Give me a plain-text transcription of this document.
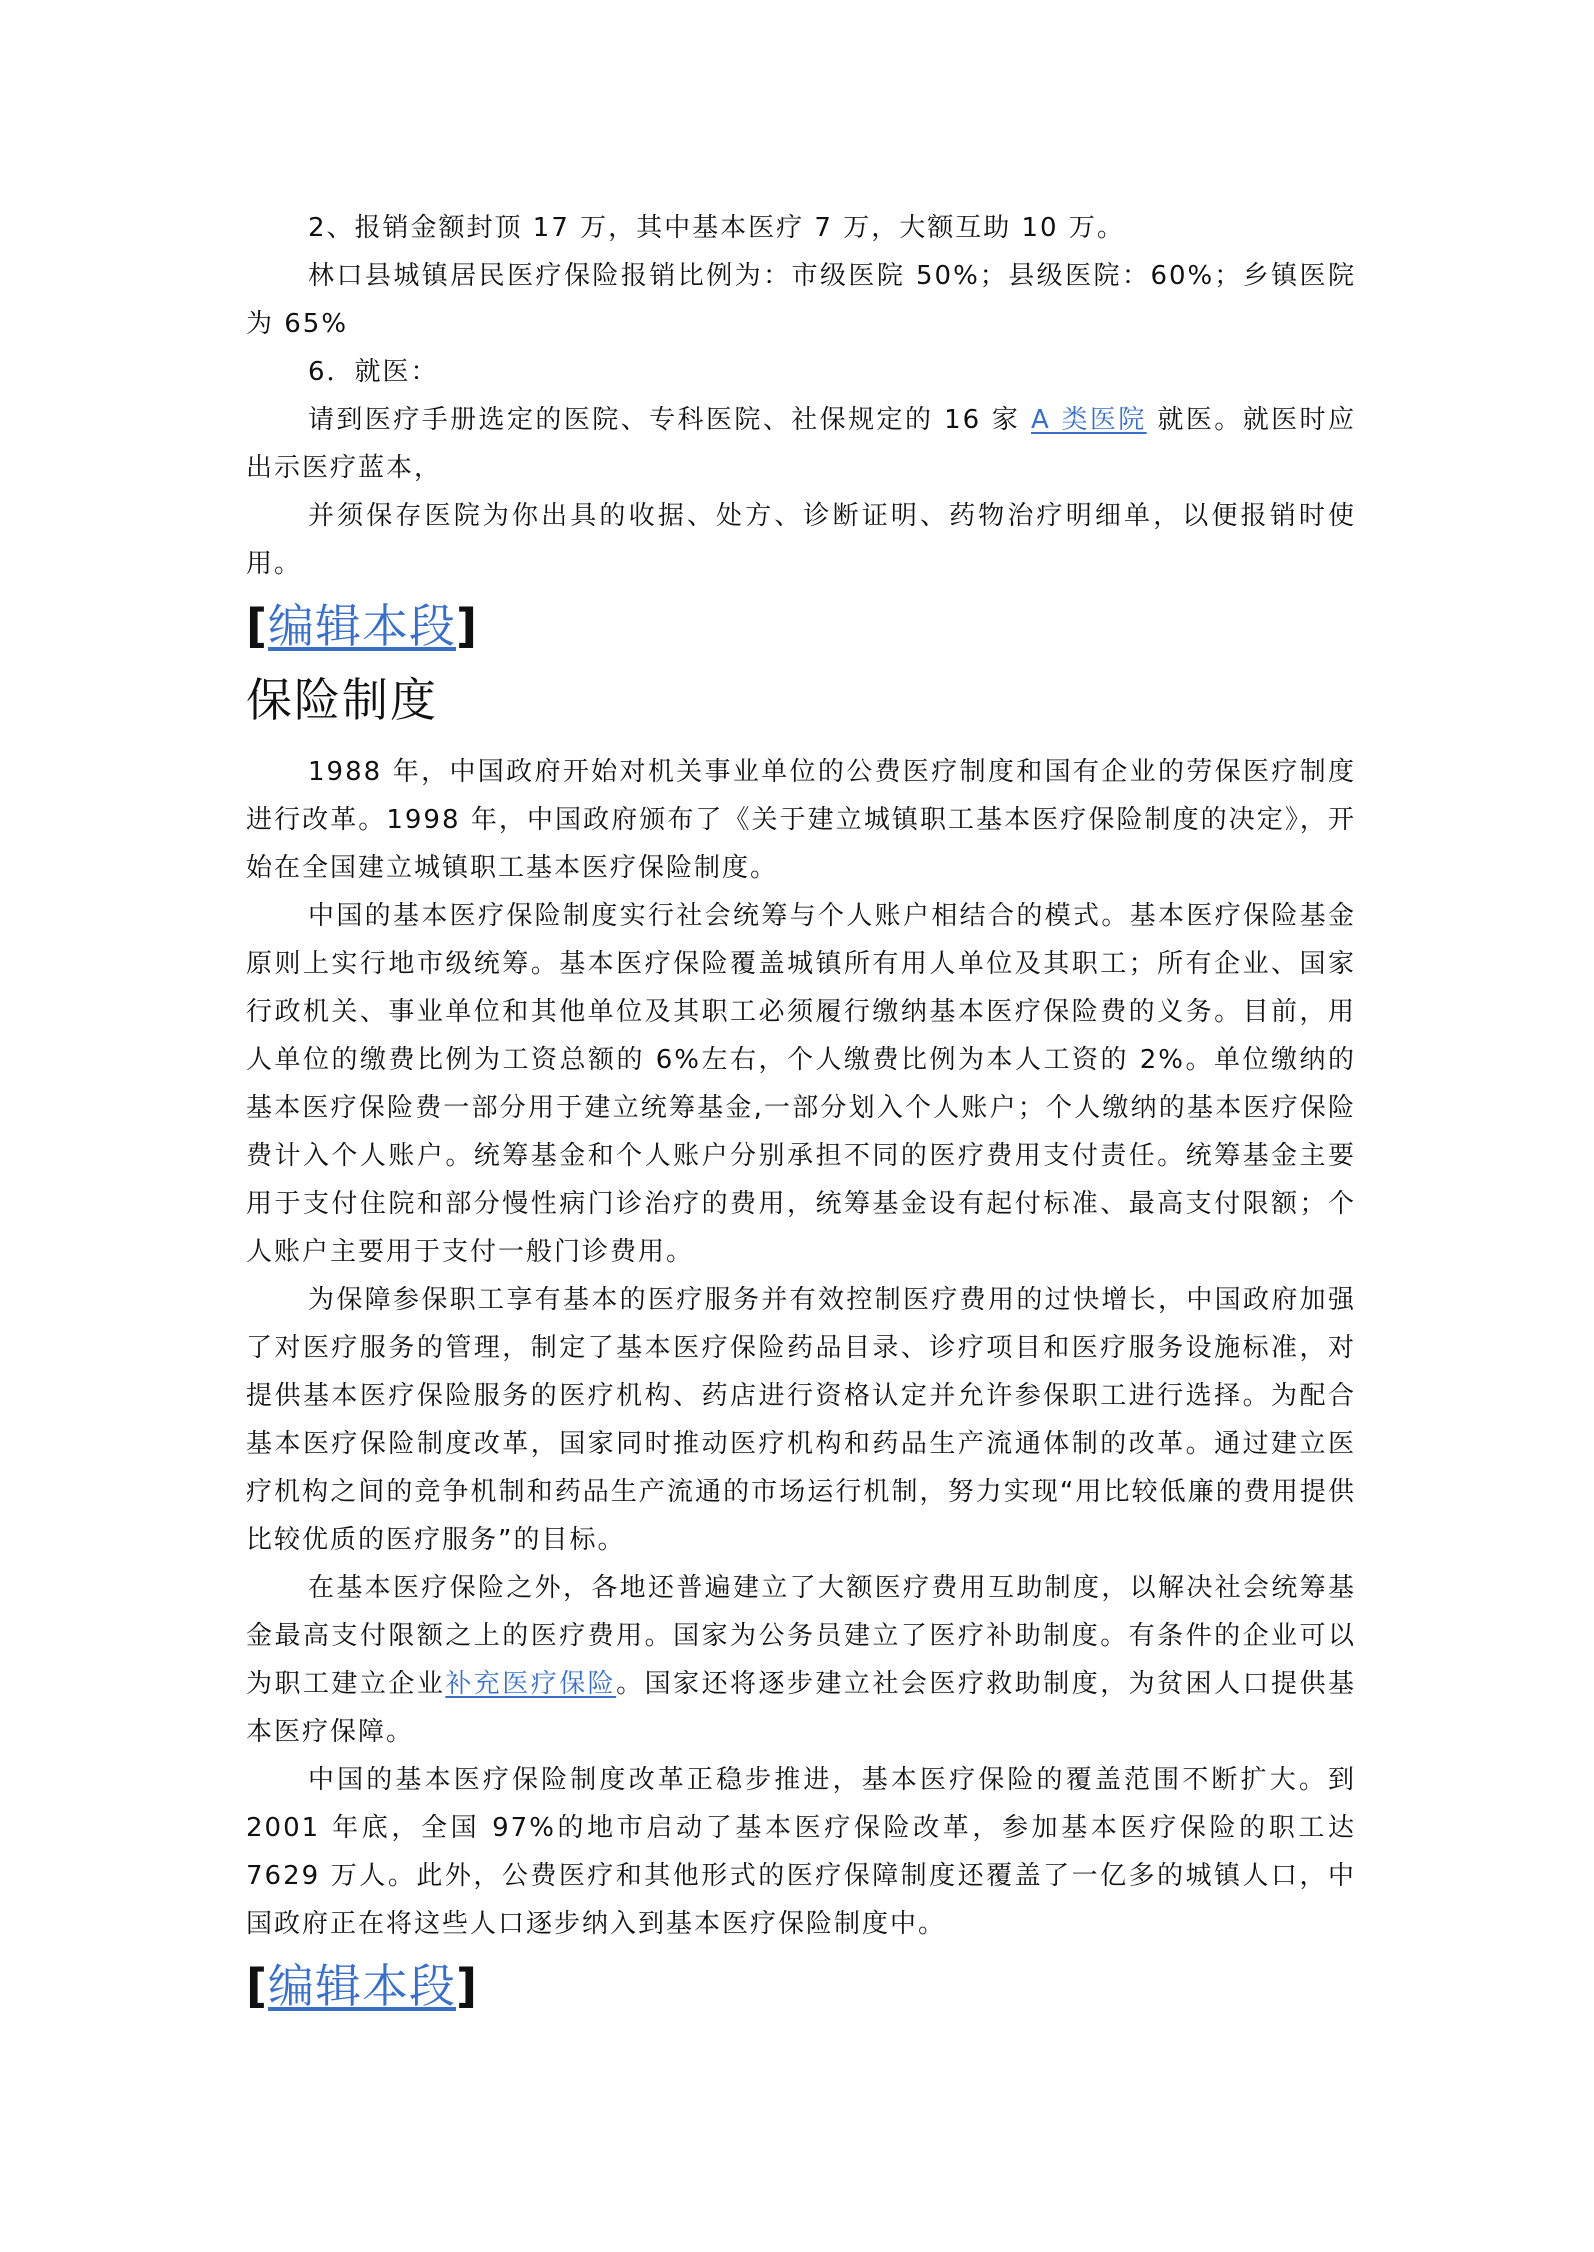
2、报销金额封顶 17 万，其中基本医疗 7 万，大额互助 10 万。

林口县城镇居民医疗保险报销比例为：市级医院 50%；县级医院：60%；乡镇医院为 65%

6．就医：

请到医疗手册选定的医院、专科医院、社保规定的 16 家 A 类医院 就医。就医时应出示医疗蓝本，

并须保存医院为你出具的收据、处方、诊断证明、药物治疗明细单，以便报销时使用。

[编辑本段]
保险制度

1988 年，中国政府开始对机关事业单位的公费医疗制度和国有企业的劳保医疗制度进行改革。1998 年，中国政府颁布了《关于建立城镇职工基本医疗保险制度的决定》，开始在全国建立城镇职工基本医疗保险制度。

中国的基本医疗保险制度实行社会统筹与个人账户相结合的模式。基本医疗保险基金原则上实行地市级统筹。基本医疗保险覆盖城镇所有用人单位及其职工；所有企业、国家行政机关、事业单位和其他单位及其职工必须履行缴纳基本医疗保险费的义务。目前，用人单位的缴费比例为工资总额的 6%左右，个人缴费比例为本人工资的 2%。单位缴纳的基本医疗保险费一部分用于建立统筹基金,一部分划入个人账户；个人缴纳的基本医疗保险费计入个人账户。统筹基金和个人账户分别承担不同的医疗费用支付责任。统筹基金主要用于支付住院和部分慢性病门诊治疗的费用，统筹基金设有起付标准、最高支付限额；个人账户主要用于支付一般门诊费用。

为保障参保职工享有基本的医疗服务并有效控制医疗费用的过快增长，中国政府加强了对医疗服务的管理，制定了基本医疗保险药品目录、诊疗项目和医疗服务设施标准，对提供基本医疗保险服务的医疗机构、药店进行资格认定并允许参保职工进行选择。为配合基本医疗保险制度改革，国家同时推动医疗机构和药品生产流通体制的改革。通过建立医疗机构之间的竞争机制和药品生产流通的市场运行机制，努力实现“用比较低廉的费用提供比较优质的医疗服务”的目标。

在基本医疗保险之外，各地还普遍建立了大额医疗费用互助制度，以解决社会统筹基金最高支付限额之上的医疗费用。国家为公务员建立了医疗补助制度。有条件的企业可以为职工建立企业补充医疗保险。国家还将逐步建立社会医疗救助制度，为贫困人口提供基本医疗保障。

中国的基本医疗保险制度改革正稳步推进，基本医疗保险的覆盖范围不断扩大。到 2001 年底，全国 97%的地市启动了基本医疗保险改革，参加基本医疗保险的职工达 7629 万人。此外，公费医疗和其他形式的医疗保障制度还覆盖了一亿多的城镇人口，中国政府正在将这些人口逐步纳入到基本医疗保险制度中。

[编辑本段]
